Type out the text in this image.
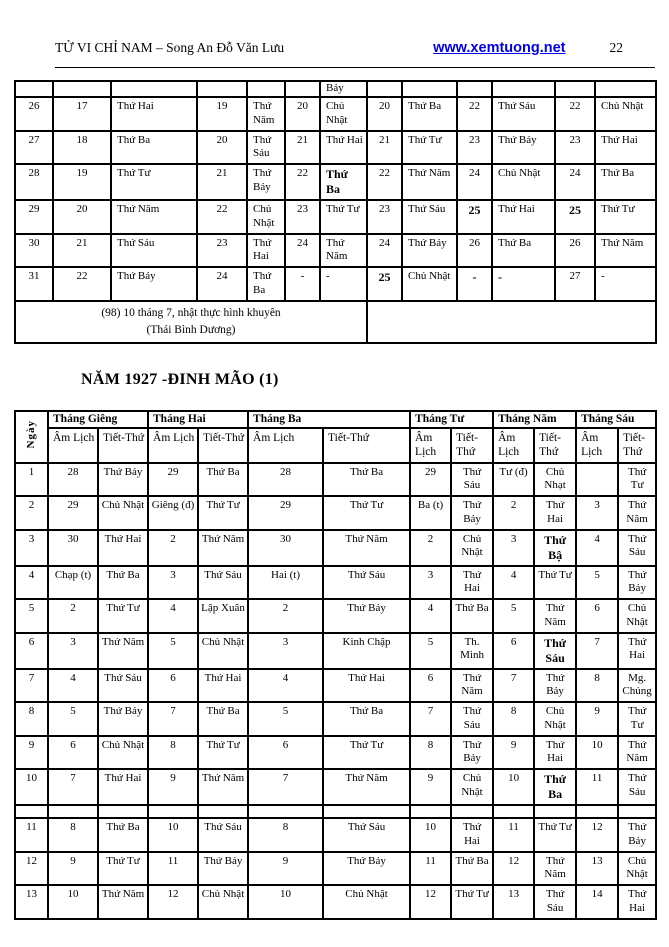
TỬ VI CHỈ NAM – Song An Đỗ Văn Lưu	www.xemtuong.net	22
						Bảy						
26	17	Thứ Hai	19	Thứ Năm	20	Chủ Nhật	20	Thứ Ba	22	Thứ Sáu	22	Chủ Nhật
27	18	Thứ Ba	20	Thứ Sáu	21	Thứ Hai	21	Thứ Tư	23	Thứ Bảy	23	Thứ Hai
28	19	Thứ Tư	21	Thứ Bảy	22	Thứ Ba	22	Thứ Năm	24	Chủ Nhật	24	Thứ Ba
29	20	Thứ Năm	22	Chủ Nhật	23	Thứ Tư	23	Thứ Sáu	25	Thứ Hai	25	Thứ Tư
30	21	Thứ Sáu	23	Thứ Hai	24	Thứ Năm	24	Thứ Bảy	26	Thứ Ba	26	Thứ Năm
31	22	Thứ Bảy	24	Thứ Ba	-	-	25	Chủ Nhật	-	-	27	-

(98) 10 tháng 7, nhật thực hình khuyên
(Thái Bình Dương)												

NĂM 1927 -ĐINH MÃO (1)
Ngày	Tháng Giêng		Tháng Hai		Tháng Ba		Tháng Tư		Tháng Năm		Tháng Sáu	
	Âm Lịch	Tiết-Thứ	Âm Lịch	Tiết-Thứ	Âm Lịch	Tiết-Thứ	Âm Lịch	Tiết-Thứ	Âm Lịch	Tiết-Thứ	Âm Lịch	Tiết-Thứ
1	28	Thứ Bảy	29	Thứ Ba	28	Thứ Ba	29	Thứ Sáu	Tư (đ)	Chủ Nhạt		Thứ Tư
2	29	Chủ Nhật	Giêng (đ)	Thứ Tư	29	Thứ Tư	Ba (t)	Thứ Bảy	2	Thứ Hai	3	Thứ Năm
3	30	Thứ Hai	2	Thứ Năm	30	Thứ Năm	2	Chủ Nhật	3	Thứ Bậ	4	Thứ Sáu
4	Chạp (t)	Thứ Ba	3	Thứ Sáu	Hai (t)	Thứ Sáu	3	Thứ Hai	4	Thứ Tư	5	Thứ Bảy
5	2	Thứ Tư	4	Lập Xuân	2	Thứ Bảy	4	Thứ Ba	5	Thứ Năm	6	Chủ Nhật
6	3	Thứ Năm	5	Chủ Nhật	3	Kinh Chập	5	Th. Minh	6	Thứ Sáu	7	Thứ Hai
7	4	Thứ Sáu	6	Thứ Hai	4	Thứ Hai	6	Thứ Năm	7	Thứ Bảy	8	Mg. Chủng
8	5	Thứ Bảy	7	Thứ Ba	5	Thứ Ba	7	Thứ Sáu	8	Chủ Nhật	9	Thứ Tư
9	6	Chủ Nhật	8	Thứ Tư	6	Thứ Tư	8	Thứ Bảy	9	Thứ Hai	10	Thứ Năm
10	7	Thứ Hai	9	Thứ Năm	7	Thứ Năm	9	Chủ Nhật	10	Thứ Ba	11	Thứ Sáu

11	8	Thứ Ba	10	Thứ Sáu	8	Thứ Sáu	10	Thứ Hai	11	Thứ Tư	12	Thứ Bảy
12	9	Thứ Tư	11	Thứ Bảy	9	Thứ Bảy	11	Thứ Ba	12	Thứ Năm	13	Chủ Nhật
13	10	Thứ Năm	12	Chủ Nhật	10	Chủ Nhật	12	Thứ Tư	13	Thứ Sáu	14	Thứ Hai
